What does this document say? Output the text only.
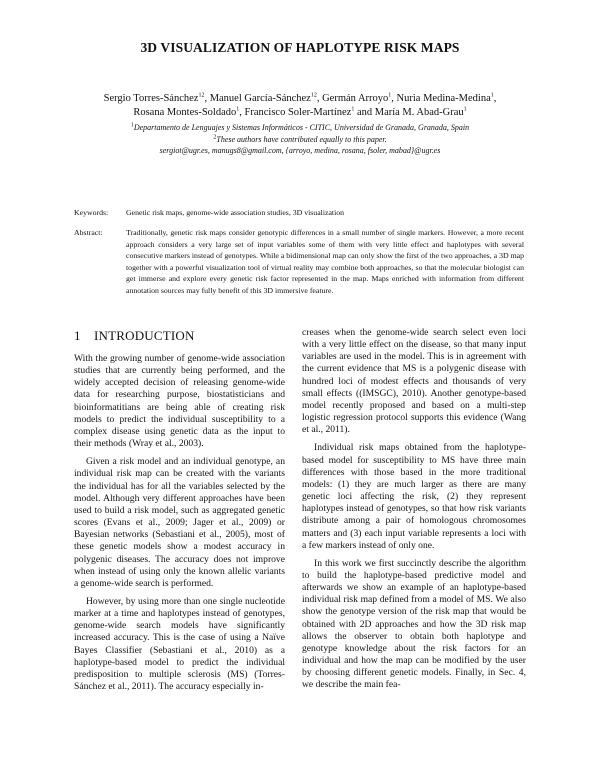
3D VISUALIZATION OF HAPLOTYPE RISK MAPS
Sergio Torres-Sánchez$^{12}$, Manuel García-Sánchez$^{12}$, Germán Arroyo$^1$, Nuria Medina-Medina$^1$,
Rosana Montes-Soldado$^1$, Francisco Soler-Martínez$^1$ and María M. Abad-Grau$^1$
$^1$Departamento de Lenguajes y Sistemas Informáticos - CITIC, Universidad de Granada, Granada, Spain
$^2$These authors have contributed equally to this paper.
sergiot@ugr.es, manugs8@gmail.com, {arroyo, medina, rosana, fsoler, mabad}@ugr.es
Keywords:	Genetic risk maps, genome-wide association studies, 3D visualization
Abstract:	Traditionally, genetic risk maps consider genotypic differences in a small number of single markers. However, a more recent approach considers a very large set of input variables some of them with very little effect and haplotypes with several consecutive markers instead of genotypes. While a bidimensional map can only show the first of the two approaches, a 3D map together with a powerful visualization tool of virtual reality may combine both approaches, so that the molecular biologist can get immerse and explore every genetic risk factor represented in the map. Maps enriched with information from different annotation sources may fully benefit of this 3D immersive feature.
1 INTRODUCTION

With the growing number of genome-wide association studies that are currently being performed, and the widely accepted decision of releasing genome-wide data for researching purpose, biostatisticians and bioinformatitians are being able of creating risk models to predict the individual susceptibility to a complex disease using genetic data as the input to their methods (Wray et al., 2003).

Given a risk model and an individual genotype, an individual risk map can be created with the variants the individual has for all the variables selected by the model. Although very different approaches have been used to build a risk model, such as aggregated genetic scores (Evans et al., 2009; Jager et al., 2009) or Bayesian networks (Sebastiani et al., 2005), most of these genetic models show a modest accuracy in polygenic diseases. The accuracy does not improve when instead of using only the known allelic variants a genome-wide search is performed.

However, by using more than one single nucleotide marker at a time and haplotypes instead of genotypes, genome-wide search models have significantly increased accuracy. This is the case of using a Naïve Bayes Classifier (Sebastiani et al., 2010) as a haplotype-based model to predict the individual predisposition to multiple sclerosis (MS) (Torres-Sánchez et al., 2011). The accuracy especially in-

creases when the genome-wide search select even loci with a very little effect on the disease, so that many input variables are used in the model. This is in agreement with the current evidence that MS is a polygenic disease with hundred loci of modest effects and thousands of very small effects ((IMSGC), 2010). Another genotype-based model recently proposed and based on a multi-step logistic regression protocol supports this evidence (Wang et al., 2011).

Individual risk maps obtained from the haplotype-based model for susceptibility to MS have three main differences with those based in the more traditional models: (1) they are much larger as there are many genetic loci affecting the risk, (2) they represent haplotypes instead of genotypes, so that how risk variants distribute among a pair of homologous chromosomes matters and (3) each input variable represents a loci with a few markers instead of only one.

In this work we first succinctly describe the algorithm to build the haplotype-based predictive model and afterwards we show an example of an haplotype-based individual risk map defined from a model of MS. We also show the genotype version of the risk map that would be obtained with 2D approaches and how the 3D risk map allows the observer to obtain both haplotype and genotype knowledge about the risk factors for an individual and how the map can be modified by the user by choosing different genetic models. Finally, in Sec. 4, we describe the main fea-
